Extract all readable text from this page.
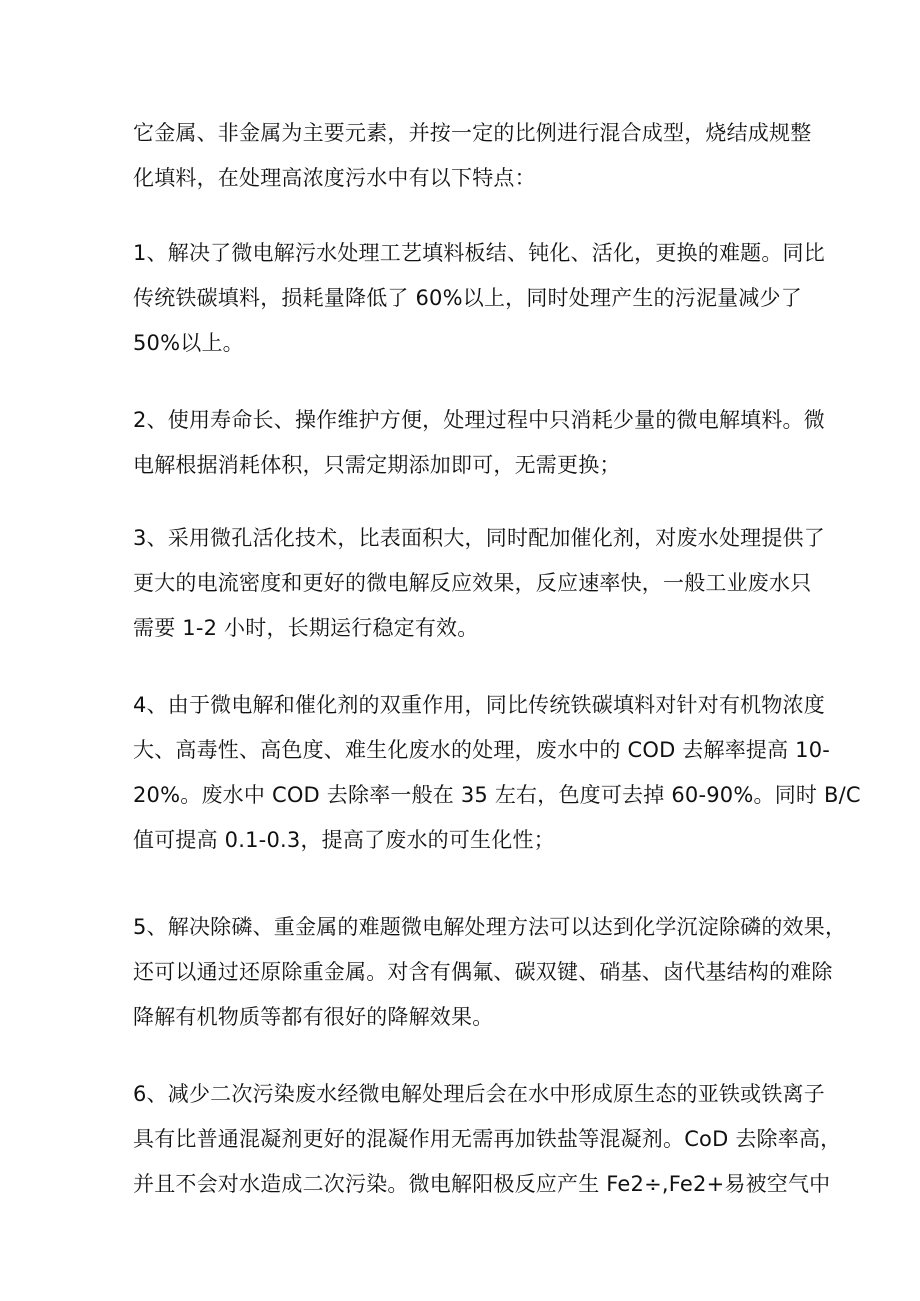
它金属、非金属为主要元素，并按一定的比例进行混合成型，烧结成规整
化填料，在处理高浓度污水中有以下特点：
1、解决了微电解污水处理工艺填料板结、钝化、活化，更换的难题。同比
传统铁碳填料，损耗量降低了 60%以上，同时处理产生的污泥量减少了
50%以上。
2、使用寿命长、操作维护方便，处理过程中只消耗少量的微电解填料。微
电解根据消耗体积，只需定期添加即可，无需更换；
3、采用微孔活化技术，比表面积大，同时配加催化剂，对废水处理提供了
更大的电流密度和更好的微电解反应效果，反应速率快，一般工业废水只
需要 1-2 小时，长期运行稳定有效。
4、由于微电解和催化剂的双重作用，同比传统铁碳填料对针对有机物浓度
大、高毒性、高色度、难生化废水的处理，废水中的 COD 去解率提高 10-
20%。废水中 COD 去除率一般在 35 左右，色度可去掉 60-90%。同时 B/C
值可提高 0.1-0.3，提高了废水的可生化性；
5、解决除磷、重金属的难题微电解处理方法可以达到化学沉淀除磷的效果，
还可以通过还原除重金属。对含有偶氟、碳双键、硝基、卤代基结构的难除
降解有机物质等都有很好的降解效果。
6、减少二次污染废水经微电解处理后会在水中形成原生态的亚铁或铁离子
具有比普通混凝剂更好的混凝作用无需再加铁盐等混凝剂。CoD 去除率高，
并且不会对水造成二次污染。微电解阳极反应产生 Fe2÷,Fe2+易被空气中
